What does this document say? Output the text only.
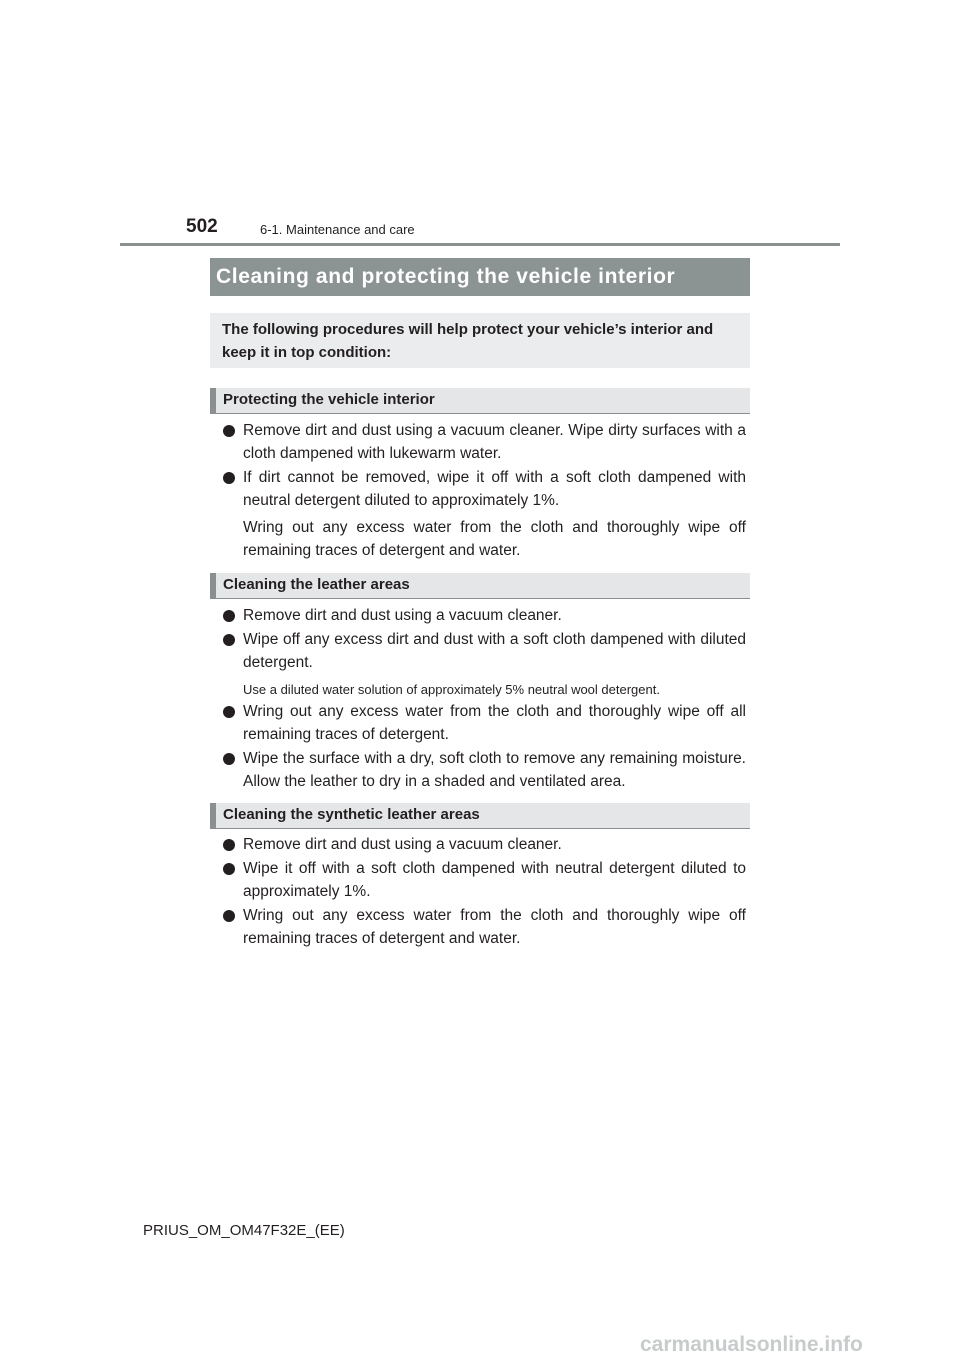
502	6-1. Maintenance and care
Cleaning and protecting the vehicle interior
The following procedures will help protect your vehicle’s interior and keep it in top condition:
Protecting the vehicle interior
Remove dirt and dust using a vacuum cleaner. Wipe dirty surfaces with a cloth dampened with lukewarm water.
If dirt cannot be removed, wipe it off with a soft cloth dampened with neutral detergent diluted to approximately 1%.
Wring out any excess water from the cloth and thoroughly wipe off remaining traces of detergent and water.
Cleaning the leather areas
Remove dirt and dust using a vacuum cleaner.
Wipe off any excess dirt and dust with a soft cloth dampened with diluted detergent.
Use a diluted water solution of approximately 5% neutral wool detergent.
Wring out any excess water from the cloth and thoroughly wipe off all remaining traces of detergent.
Wipe the surface with a dry, soft cloth to remove any remaining moisture. Allow the leather to dry in a shaded and ventilated area.
Cleaning the synthetic leather areas
Remove dirt and dust using a vacuum cleaner.
Wipe it off with a soft cloth dampened with neutral detergent diluted to approximately 1%.
Wring out any excess water from the cloth and thoroughly wipe off remaining traces of detergent and water.
PRIUS_OM_OM47F32E_(EE)
carmanualsonline.info
